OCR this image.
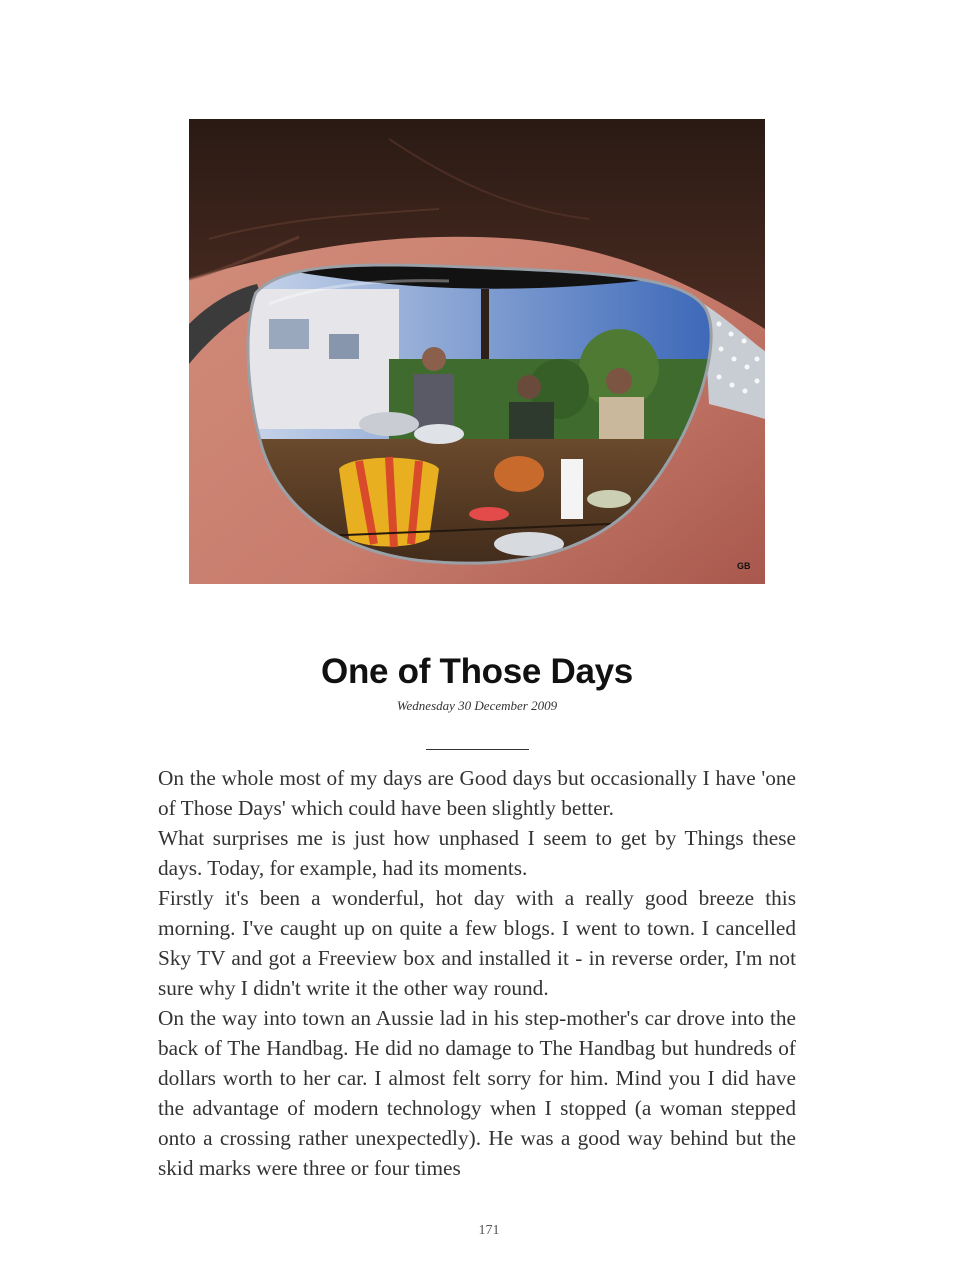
GB
One of Those Days
Wednesday 30 December 2009

On the whole most of my days are Good days but occasionally I have 'one of Those Days' which could have been slightly better.

What surprises me is just how unphased I seem to get by Things these days. Today, for example, had its moments.

Firstly it's been a wonderful, hot day with a really good breeze this morning. I've caught up on quite a few blogs. I went to town. I cancelled Sky TV and got a Freeview box and installed it - in reverse order, I'm not sure why I didn't write it the other way round.

On the way into town an Aussie lad in his step-mother's car drove into the back of The Handbag. He did no damage to The Handbag but hundreds of dollars worth to her car. I almost felt sorry for him. Mind you I did have the advantage of modern technology when I stopped (a woman stepped onto a crossing rather unexpectedly). He was a good way behind but the skid marks were three or four times

171
